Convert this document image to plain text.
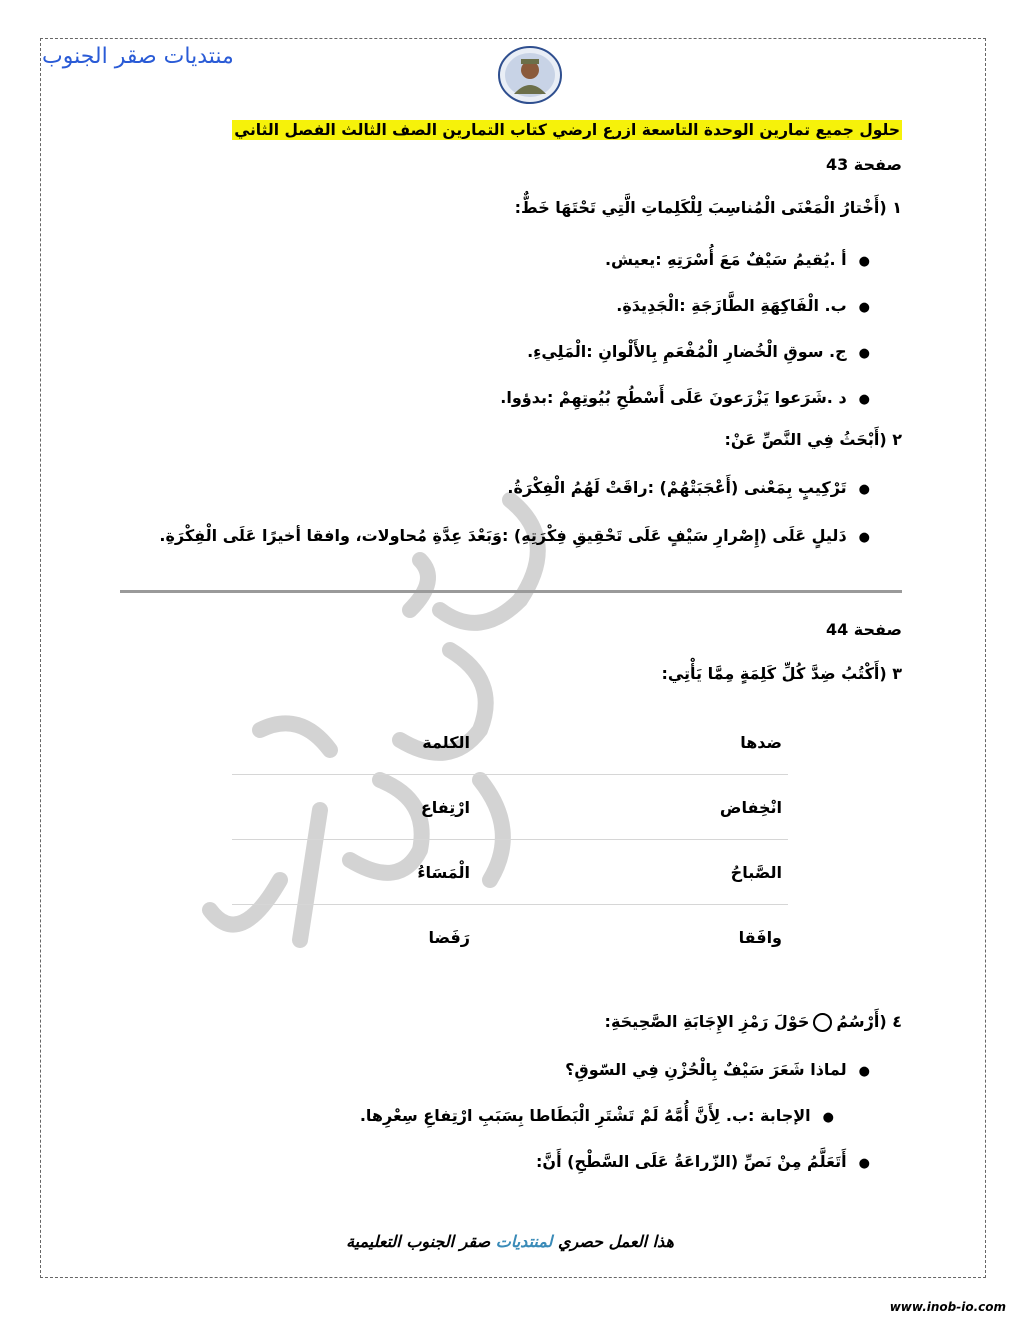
منتديات صقر الجنوب
حلول جميع تمارين الوحدة التاسعة ازرع ارضي كتاب التمارين الصف الثالث الفصل الثاني
صفحة 43
١ (أَخْتارُ الْمَعْنَى الْمُناسِبَ لِلْكَلِماتِ الَّتِي تَحْتَهَا خَطٌّ:
●أ .يُقيمُ سَيْفٌ مَعَ أُسْرَتِهِ :يعيش.
●ب. الْفَاكِهَةِ الطَّازَجَةِ :الْجَدِيدَةِ.
●ج. سوقِ الْخُضارِ الْمُفْعَمِ بِالأَلْوانِ :الْمَلِيءِ.
●د .شَرَعوا يَزْرَعونَ عَلَى أَسْطُحِ بُيُوتِهِمْ :بدؤوا.
٢ (أَبْحَثُ فِي النَّصِّ عَنْ:
●تَرْكِيبٍ بِمَعْنى (أَعْجَبَتْهُمْ) :راقَتْ لَهُمُ الْفِكْرَةُ.
●دَليلٍ عَلَى (إِصْرارِ سَيْفٍ عَلَى تَحْقِيقِ فِكْرَتِهِ) :وَبَعْدَ عِدَّةِ مُحاولات، وافقا أخيرًا عَلَى الْفِكْرَةِ.
صفحة 44
٣ (أَكْتُبُ ضِدَّ كُلِّ كَلِمَةٍ مِمَّا يَأْتِي:
ضدها	الكلمة
انْخِفاض	ارْتِفاع
الصَّباحُ	الْمَسَاءُ
وافَقا	رَفَضا
٤ (أَرْسُمُحَوْلَ رَمْزِ الإِجَابَةِ الصَّحِيحَةِ:
●لماذا شَعَرَ سَيْفٌ بِالْحُزْنِ فِي السّوقِ؟
●الإجابة :ب. لِأَنَّ أُمَّهُ لَمْ تَشْتَرِ الْبَطَاطا بِسَبَبِ ارْتِفاعِ سِعْرِها.
●أَتَعَلَّمُ مِنْ نَصِّ (الزّراعَةُ عَلَى السَّطْحِ) أَنَّ:
هذا العمل حصري لمنتديات صقر الجنوب التعليمية
www.inob-io.com
